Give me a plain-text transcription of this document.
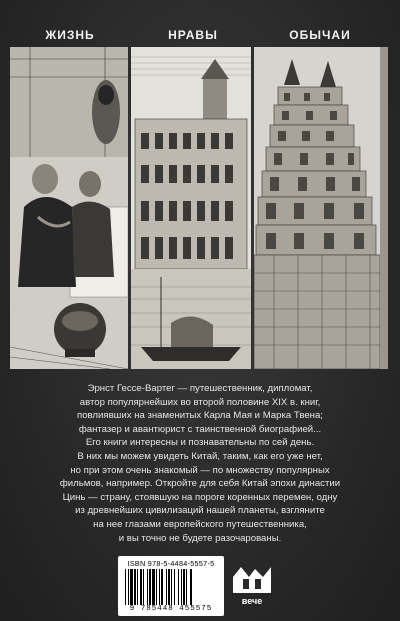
ЖИЗНЬ	НРАВЫ	ОБЫЧАИ

Эрнст Гессе-Вартег — путешественник, дипломат,

автор популярнейших во второй половине XIX в. книг,

повлиявших на знаменитых Карла Мая и Марка Твена;

фантазер и авантюрист с таинственной биографией...

Его книги интересны и познавательны по сей день.

В них мы можем увидеть Китай, таким, как его уже нет,

но при этом очень знакомый — по множеству популярных

фильмов, например. Откройте для себя Китай эпохи династии

Цинь — страну, стоявшую на пороге коренных перемен, одну

из древнейших цивилизаций нашей планеты, взгляните

на нее глазами европейского путешественника,

и вы точно не будете разочарованы.

ISBN 978-5-4484-5557-5
9 785448 455575
вече
